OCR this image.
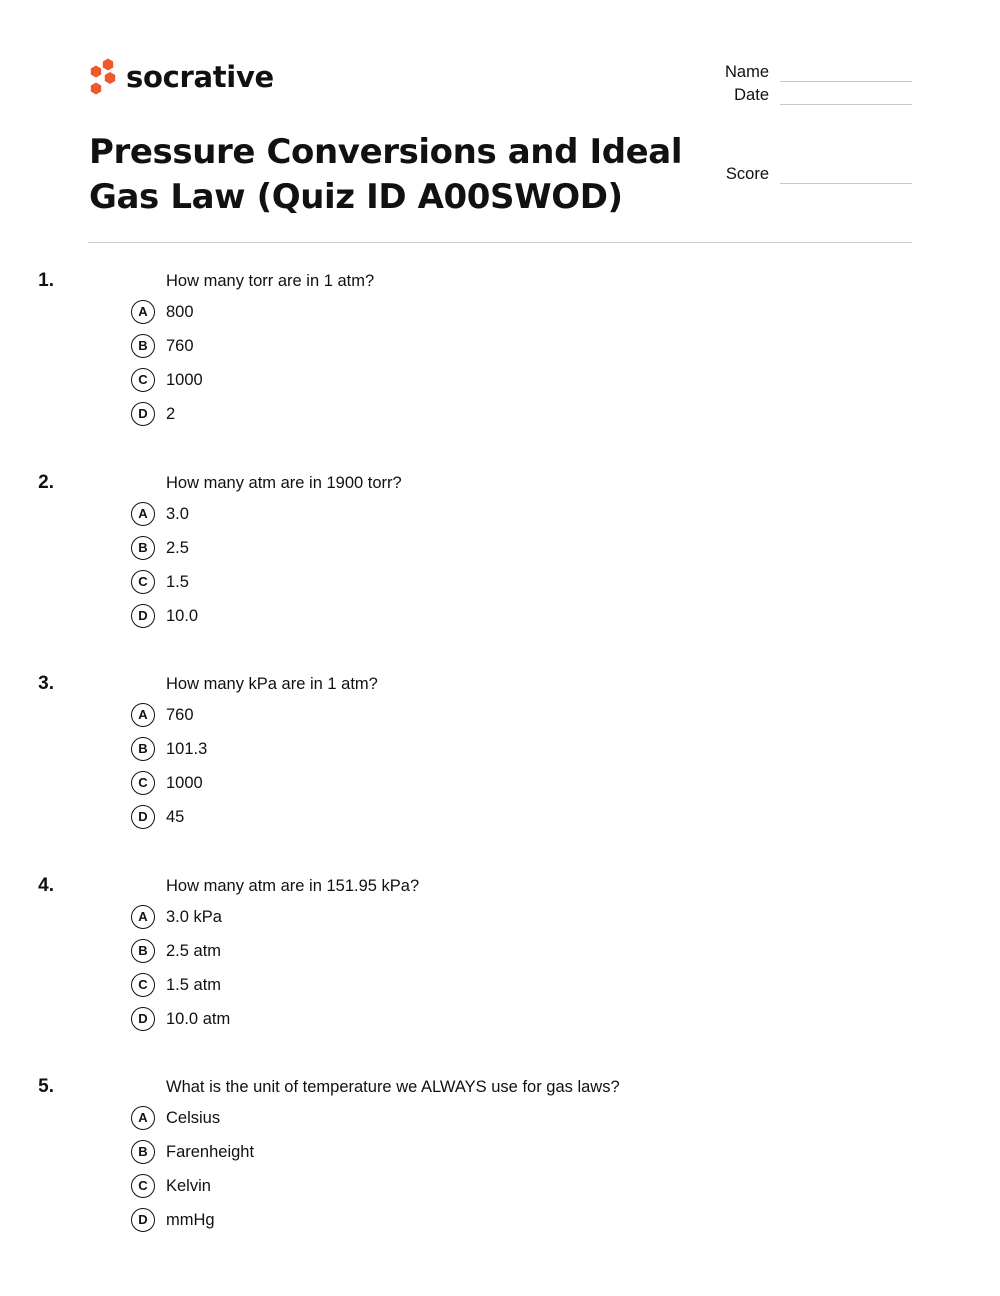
socrative	Name
Date
Score
Pressure Conversions and Ideal Gas Law (Quiz ID A00SWOD)
1.	How many torr are in 1 atm?
A	800
B	760
C	1000
D	2
2.	How many atm are in 1900 torr?
A	3.0
B	2.5
C	1.5
D	10.0
3.	How many kPa are in 1 atm?
A	760
B	101.3
C	1000
D	45
4.	How many atm are in 151.95 kPa?
A	3.0 kPa
B	2.5 atm
C	1.5 atm
D	10.0 atm
5.	What is the unit of temperature we ALWAYS use for gas laws?
A	Celsius
B	Farenheight
C	Kelvin
D	mmHg
